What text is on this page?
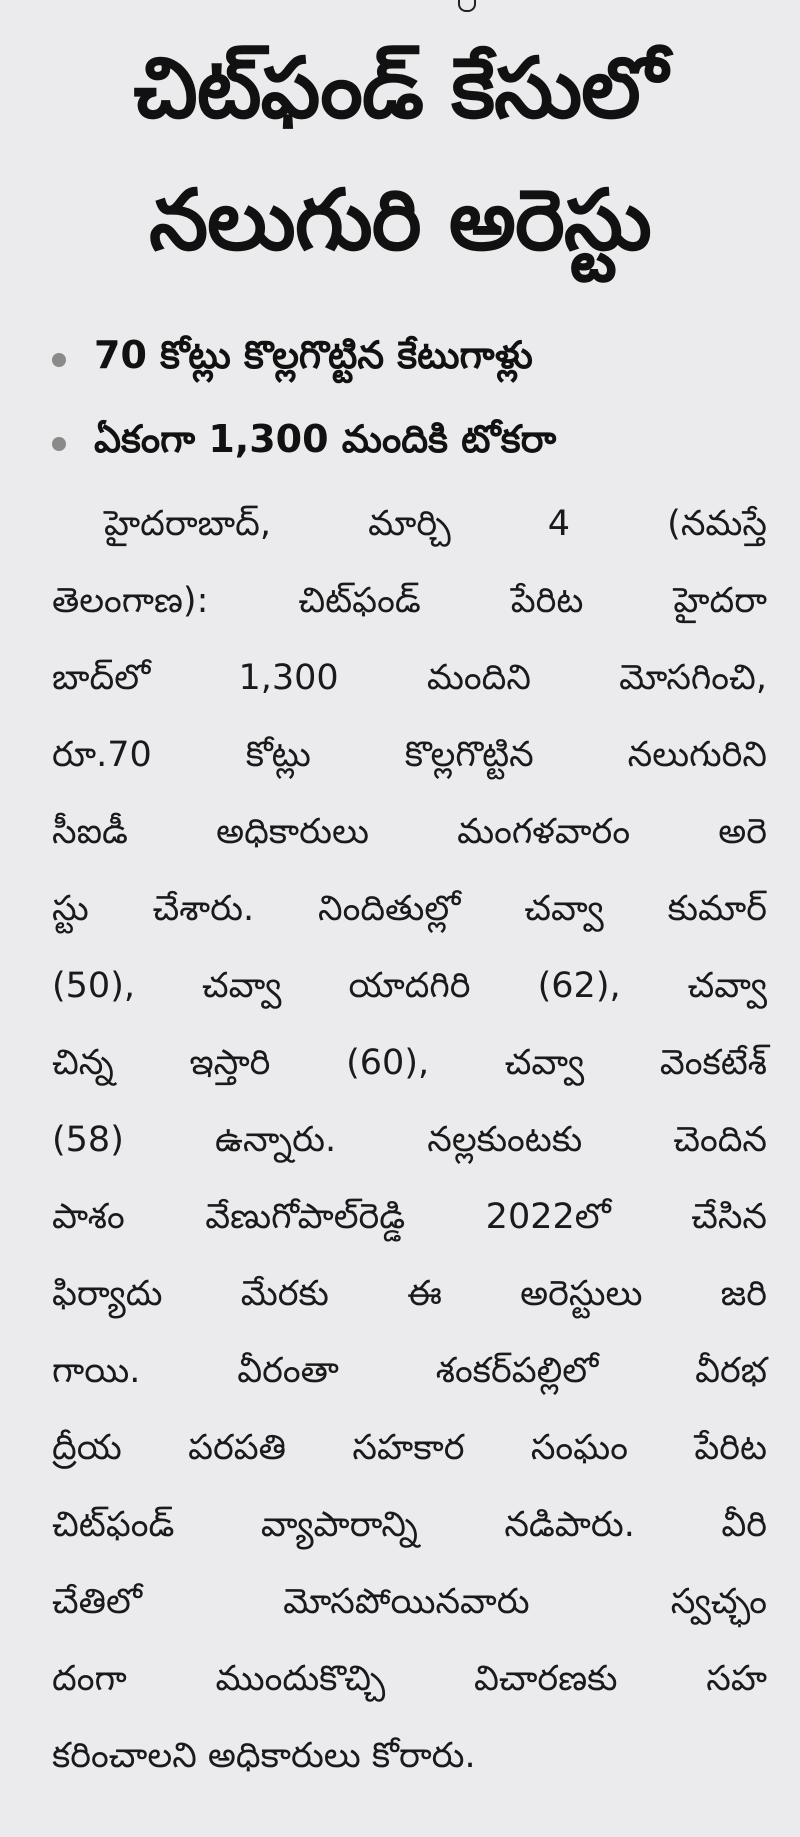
చిట్‌ఫండ్ కేసులో
నలుగురి అరెస్టు
70 కోట్లు కొల్లగొట్టిన కేటుగాళ్లు
ఏకంగా 1,300 మందికి టోకరా
హైదరాబాద్, మార్చి 4 (నమస్తే
తెలంగాణ): చిట్‌ఫండ్ పేరిట హైదరా
బాద్‌లో 1,300 మందిని మోసగించి,
రూ.70 కోట్లు కొల్లగొట్టిన నలుగురిని
సీఐడీ అధికారులు మంగళవారం అరె
స్టు చేశారు. నిందితుల్లో చవ్వా కుమార్
(50), చవ్వా యాదగిరి (62), చవ్వా
చిన్న ఇస్తారి (60), చవ్వా వెంకటేశ్
(58) ఉన్నారు. నల్లకుంటకు చెందిన
పాశం వేణుగోపాల్‌రెడ్డి 2022లో చేసిన
ఫిర్యాదు మేరకు ఈ అరెస్టులు జరి
గాయి. వీరంతా శంకర్‌పల్లిలో వీరభ
ద్రీయ పరపతి సహకార సంఘం పేరిట
చిట్‌ఫండ్ వ్యాపారాన్ని నడిపారు. వీరి
చేతిలో మోసపోయినవారు స్వచ్ఛం
దంగా ముందుకొచ్చి విచారణకు సహ
కరించాలని అధికారులు కోరారు.
